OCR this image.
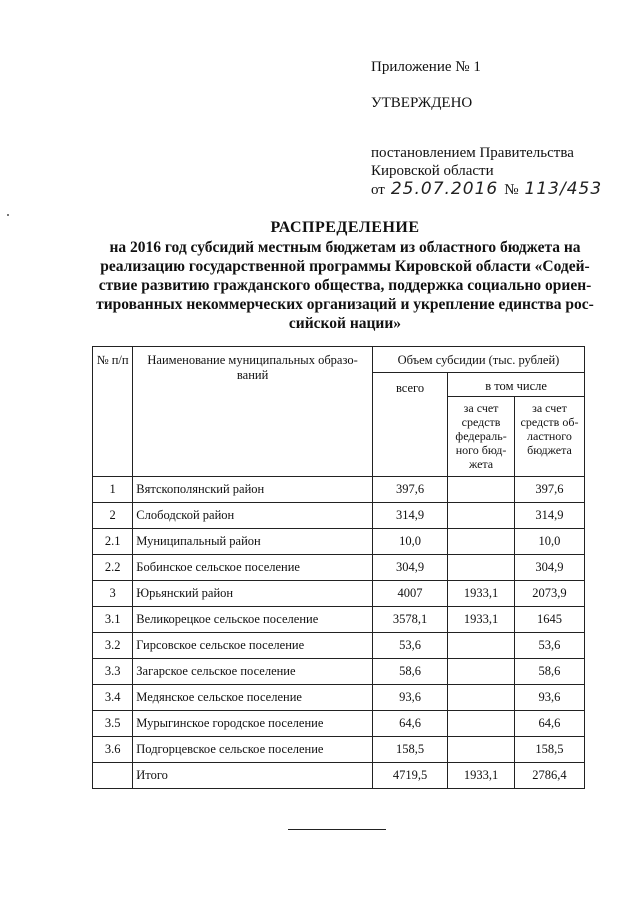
Приложение № 1
УТВЕРЖДЕНО
постановлением Правительства
Кировской области
от 25.07.2016 № 113/453
РАСПРЕДЕЛЕНИЕ
на 2016 год субсидий местным бюджетам из областного бюджета на
реализацию государственной программы Кировской области «Содей-
ствие развитию гражданского общества, поддержка социально ориен-
тированных некоммерческих организаций и укрепление единства рос-
сийской нации»
№ п/п	Наименование муниципальных образо-ваний	Объем субсидии (тыс. рублей)		
		всего	в том числе	
			за счет средств федераль-ного бюд-жета	за счет средств об-ластного бюджета
1	Вятскополянский район	397,6		397,6
2	Слободской район	314,9		314,9
2.1	Муниципальный район	10,0		10,0
2.2	Бобинское сельское поселение	304,9		304,9
3	Юрьянский район	4007	1933,1	2073,9
3.1	Великорецкое сельское поселение	3578,1	1933,1	1645
3.2	Гирсовское сельское поселение	53,6		53,6
3.3	Загарское сельское поселение	58,6		58,6
3.4	Медянское сельское поселение	93,6		93,6
3.5	Мурыгинское городское поселение	64,6		64,6
3.6	Подгорцевское сельское поселение	158,5		158,5
	Итого	4719,5	1933,1	2786,4
